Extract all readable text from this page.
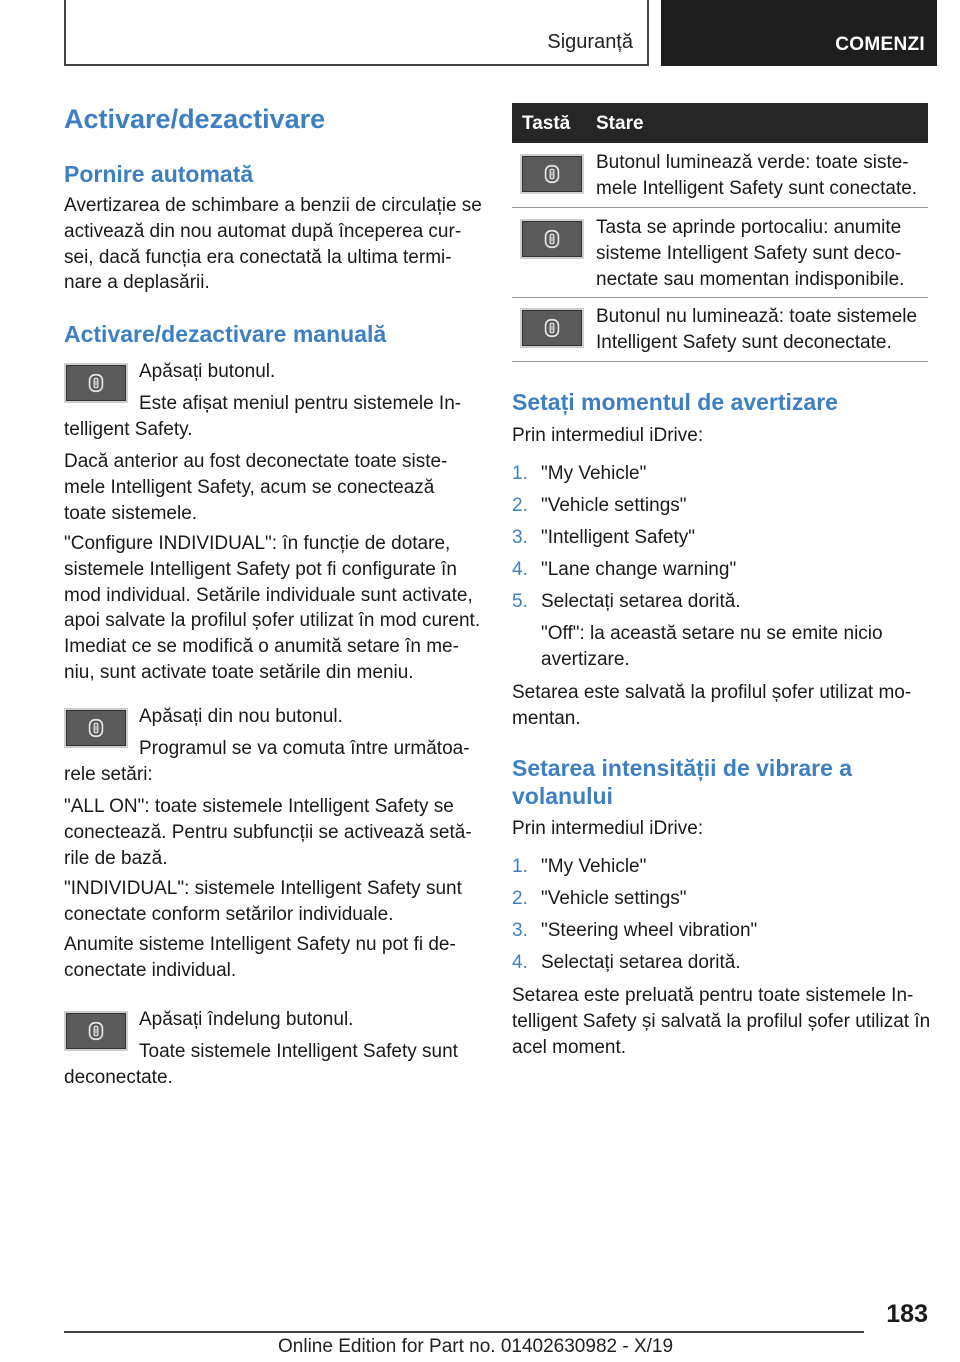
Siguranță	COMENZI
Activare/dezactivare
Pornire automată
Avertizarea de schimbare a benzii de circulație se
activează din nou automat după începerea cur-
sei, dacă funcția era conectată la ultima termi-
nare a deplasării.
Activare/dezactivare manuală
Apăsați butonul.
Este afișat meniul pentru sistemele In-
telligent Safety.
Dacă anterior au fost deconectate toate siste-
mele Intelligent Safety, acum se conectează
toate sistemele.
"Configure INDIVIDUAL": în funcție de dotare,
sistemele Intelligent Safety pot fi configurate în
mod individual. Setările individuale sunt activate,
apoi salvate la profilul șofer utilizat în mod curent.
Imediat ce se modifică o anumită setare în me-
niu, sunt activate toate setările din meniu.
Apăsați din nou butonul.
Programul se va comuta între următoa-
rele setări:
"ALL ON": toate sistemele Intelligent Safety se
conectează. Pentru subfuncții se activează setă-
rile de bază.
"INDIVIDUAL": sistemele Intelligent Safety sunt
conectate conform setărilor individuale.
Anumite sisteme Intelligent Safety nu pot fi de-
conectate individual.
Apăsați îndelung butonul.
Toate sistemele Intelligent Safety sunt
deconectate.
Tastă Stare
Butonul luminează verde: toate siste-
mele Intelligent Safety sunt conectate.
Tasta se aprinde portocaliu: anumite
sisteme Intelligent Safety sunt deco-
nectate sau momentan indisponibile.
Butonul nu luminează: toate sistemele
Intelligent Safety sunt deconectate.
Setați momentul de avertizare
Prin intermediul iDrive:
1. "My Vehicle"
2. "Vehicle settings"
3. "Intelligent Safety"
4. "Lane change warning"
5. Selectați setarea dorită.
"Off": la această setare nu se emite nicio
avertizare.
Setarea este salvată la profilul șofer utilizat mo-
mentan.
Setarea intensității de vibrare a
volanului
Prin intermediul iDrive:
1. "My Vehicle"
2. "Vehicle settings"
3. "Steering wheel vibration"
4. Selectați setarea dorită.
Setarea este preluată pentru toate sistemele In-
telligent Safety și salvată la profilul șofer utilizat în
acel moment.
183
Online Edition for Part no. 01402630982 - X/19
